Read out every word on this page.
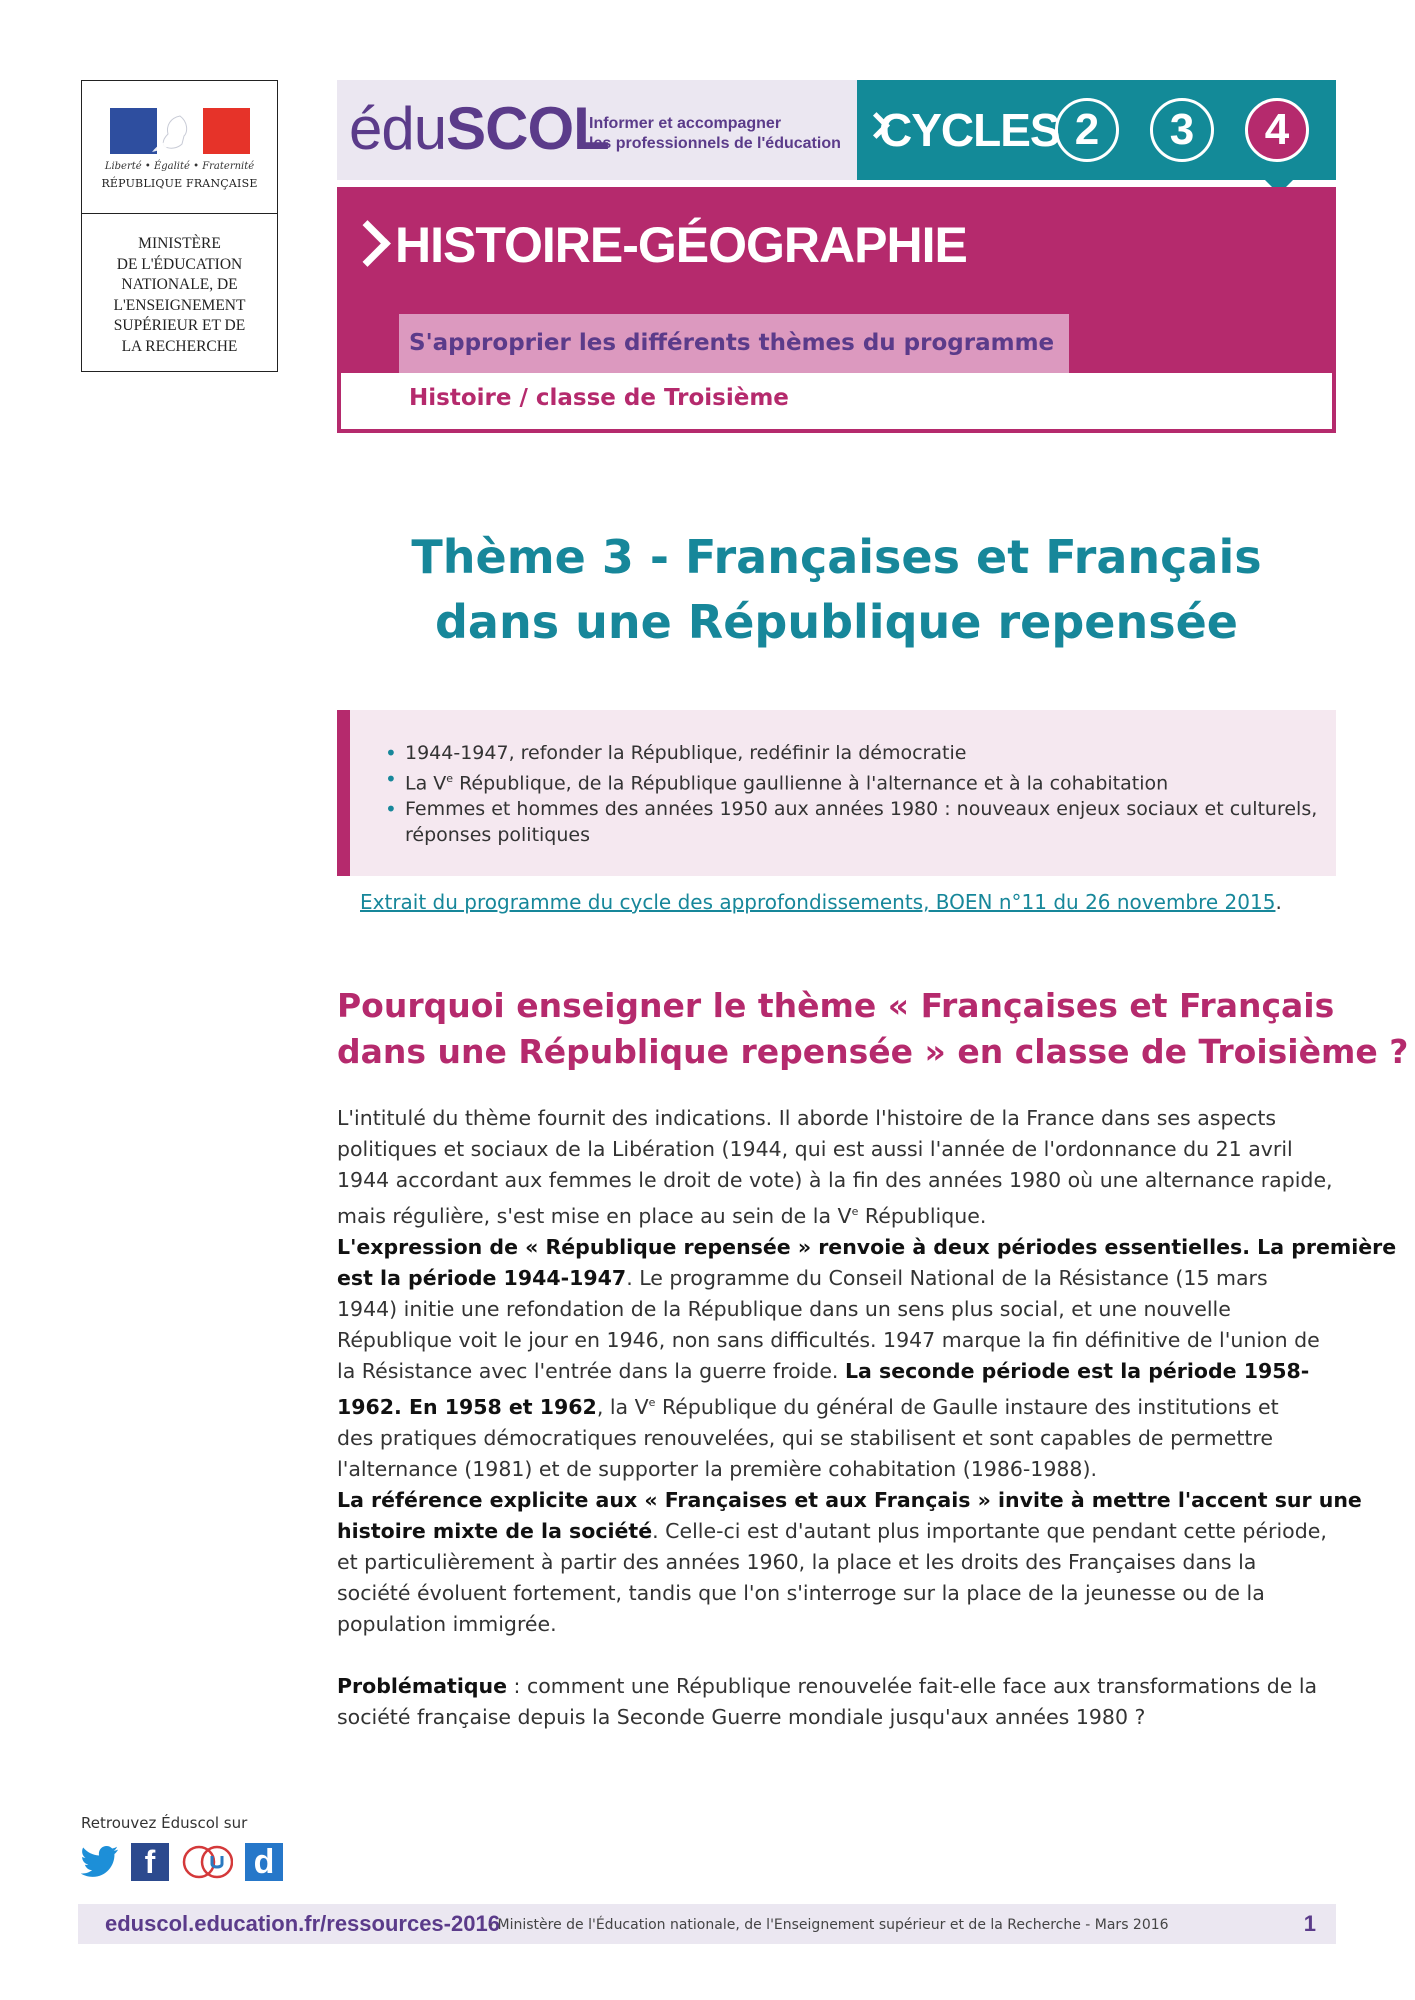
Liberté • Égalité • Fraternité
RÉPUBLIQUE FRANÇAISE
MINISTÈRE
DE L'ÉDUCATION
NATIONALE, DE
L'ENSEIGNEMENT
SUPÉRIEUR ET DE
LA RECHERCHE
éduSCOL
Informer et accompagner
les professionnels de l'éducation CYCLES 2	3	4
HISTOIRE-GÉOGRAPHIE
S'approprier les différents thèmes du programme
Histoire / classe de Troisième
Thème 3 - Françaises et Français
dans une République repensée
• 1944-1947, refonder la République, redéfinir la démocratie
• La Ve République, de la République gaullienne à l'alternance et à la cohabitation
• Femmes et hommes des années 1950 aux années 1980 : nouveaux enjeux sociaux et culturels,
réponses politiques
Extrait du programme du cycle des approfondissements, BOEN n°11 du 26 novembre 2015.
Pourquoi enseigner le thème « Françaises et Français
dans une République repensée » en classe de Troisième ?

L'intitulé du thème fournit des indications. Il aborde l'histoire de la France dans ses aspects
politiques et sociaux de la Libération (1944, qui est aussi l'année de l'ordonnance du 21 avril
1944 accordant aux femmes le droit de vote) à la fin des années 1980 où une alternance rapide,
mais régulière, s'est mise en place au sein de la Ve République.

L'expression de « République repensée » renvoie à deux périodes essentielles. La première
est la période 1944-1947. Le programme du Conseil National de la Résistance (15 mars
1944) initie une refondation de la République dans un sens plus social, et une nouvelle
République voit le jour en 1946, non sans difficultés. 1947 marque la fin définitive de l'union de
la Résistance avec l'entrée dans la guerre froide. La seconde période est la période 1958-
1962. En 1958 et 1962, la Ve République du général de Gaulle instaure des institutions et
des pratiques démocratiques renouvelées, qui se stabilisent et sont capables de permettre
l'alternance (1981) et de supporter la première cohabitation (1986-1988).

La référence explicite aux « Françaises et aux Français » invite à mettre l'accent sur une
histoire mixte de la société. Celle-ci est d'autant plus importante que pendant cette période,
et particulièrement à partir des années 1960, la place et les droits des Françaises dans la
société évoluent fortement, tandis que l'on s'interroge sur la place de la jeunesse ou de la
population immigrée.

Problématique : comment une République renouvelée fait-elle face aux transformations de la
société française depuis la Seconde Guerre mondiale jusqu'aux années 1980 ?

Retrouvez Éduscol sur
f	d
eduscol.education.fr/ressources-2016
- Ministère de l'Éducation nationale, de l'Enseignement supérieur et de la Recherche - Mars 2016	1
